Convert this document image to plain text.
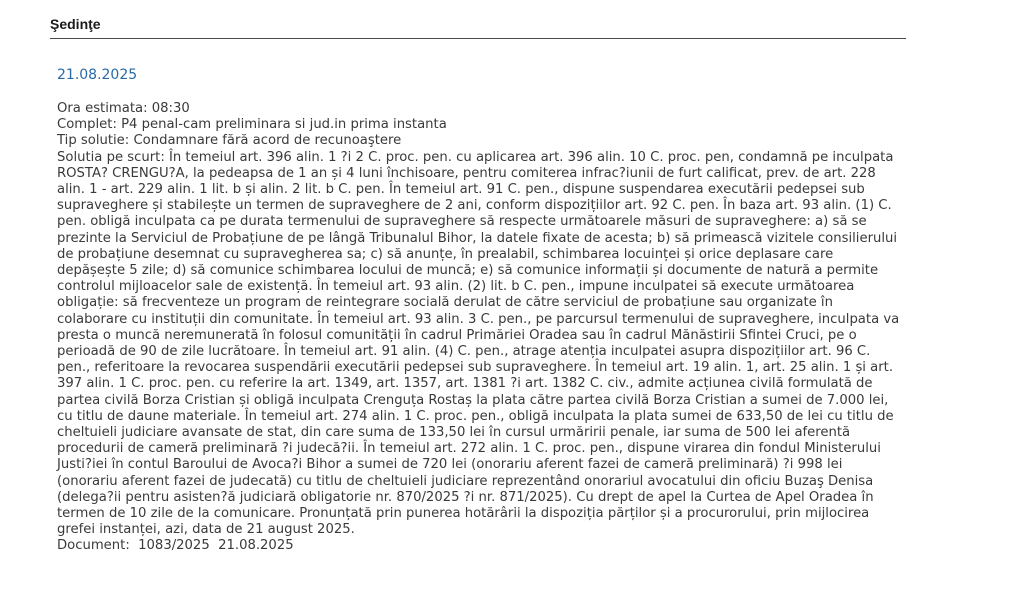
Şedinţe
21.08.2025
Ora estimata: 08:30
Complet: P4 penal-cam preliminara si jud.in prima instanta
Tip solutie: Condamnare fără acord de recunoaştere
Solutia pe scurt: În temeiul art. 396 alin. 1 ?i 2 C. proc. pen. cu aplicarea art. 396 alin. 10 C. proc. pen, condamnă pe inculpata ROSTA? CRENGU?A, la pedeapsa de 1 an și 4 luni închisoare, pentru comiterea infrac?iunii de furt calificat, prev. de art. 228 alin. 1 - art. 229 alin. 1 lit. b și alin. 2 lit. b C. pen. În temeiul art. 91 C. pen., dispune suspendarea executării pedepsei sub supraveghere și stabilește un termen de supraveghere de 2 ani, conform dispozițiilor art. 92 C. pen. În baza art. 93 alin. (1) C. pen. obligă inculpata ca pe durata termenului de supraveghere să respecte următoarele măsuri de supraveghere: a) să se prezinte la Serviciul de Probațiune de pe lângă Tribunalul Bihor, la datele fixate de acesta; b) să primească vizitele consilierului de probațiune desemnat cu supravegherea sa; c) să anunțe, în prealabil, schimbarea locuinței și orice deplasare care depășește 5 zile; d) să comunice schimbarea locului de muncă; e) să comunice informații și documente de natură a permite controlul mijloacelor sale de existență. În temeiul art. 93 alin. (2) lit. b C. pen., impune inculpatei să execute următoarea obligație: să frecventeze un program de reintegrare socială derulat de către serviciul de probațiune sau organizate în colaborare cu instituții din comunitate. În temeiul art. 93 alin. 3 C. pen., pe parcursul termenului de supraveghere, inculpata va presta o muncă neremunerată în folosul comunității în cadrul Primăriei Oradea sau în cadrul Mănăstirii Sfintei Cruci, pe o perioadă de 90 de zile lucrătoare. În temeiul art. 91 alin. (4) C. pen., atrage atenția inculpatei asupra dispozițiilor art. 96 C. pen., referitoare la revocarea suspendării executării pedepsei sub supraveghere. În temeiul art. 19 alin. 1, art. 25 alin. 1 și art. 397 alin. 1 C. proc. pen. cu referire la art. 1349, art. 1357, art. 1381 ?i art. 1382 C. civ., admite acțiunea civilă formulată de partea civilă Borza Cristian și obligă inculpata Crenguța Rostaș la plata către partea civilă Borza Cristian a sumei de 7.000 lei, cu titlu de daune materiale. În temeiul art. 274 alin. 1 C. proc. pen., obligă inculpata la plata sumei de 633,50 de lei cu titlu de cheltuieli judiciare avansate de stat, din care suma de 133,50 lei în cursul urmăririi penale, iar suma de 500 lei aferentă procedurii de cameră preliminară ?i judecă?ii. În temeiul art. 272 alin. 1 C. proc. pen., dispune virarea din fondul Ministerului Justi?iei în contul Baroului de Avoca?i Bihor a sumei de 720 lei (onorariu aferent fazei de cameră preliminară) ?i 998 lei (onorariu aferent fazei de judecată) cu titlu de cheltuieli judiciare reprezentând onorariul avocatului din oficiu Buzaş Denisa (delega?ii pentru asisten?ă judiciară obligatorie nr. 870/2025 ?i nr. 871/2025). Cu drept de apel la Curtea de Apel Oradea în termen de 10 zile de la comunicare. Pronunțată prin punerea hotărârii la dispoziția părților și a procurorului, prin mijlocirea grefei instanței, azi, data de 21 august 2025.
Document:  1083/2025  21.08.2025
